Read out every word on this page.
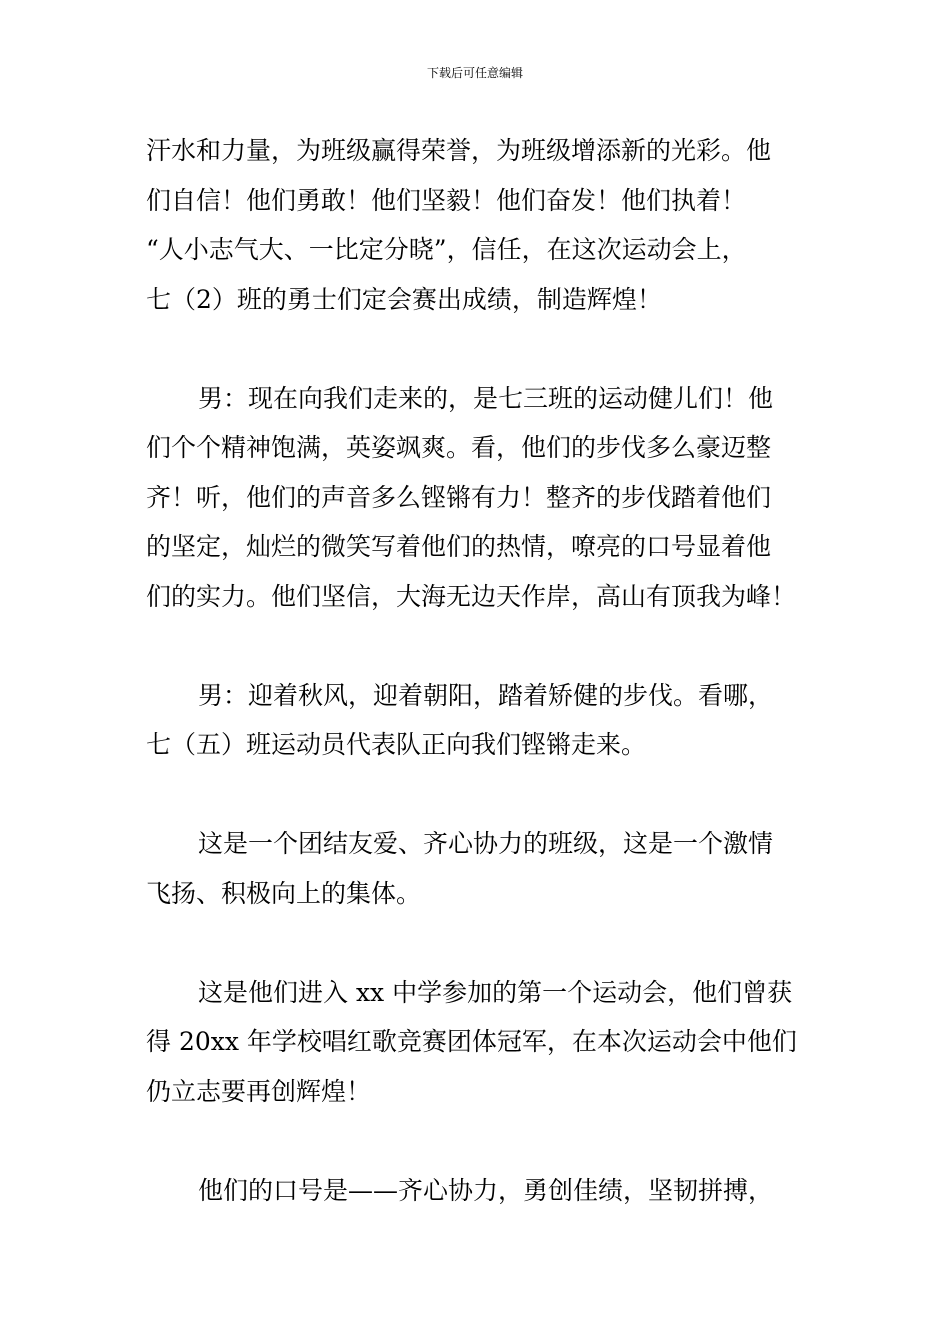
下载后可任意编辑
汗水和力量，为班级赢得荣誉，为班级增添新的光彩。他
们自信！他们勇敢！他们坚毅！他们奋发！他们执着！
“人小志气大、一比定分晓”，信任，在这次运动会上，
七（2）班的勇士们定会赛出成绩，制造辉煌！
男：现在向我们走来的，是七三班的运动健儿们！他
们个个精神饱满，英姿飒爽。看，他们的步伐多么豪迈整
齐！听，他们的声音多么铿锵有力！整齐的步伐踏着他们
的坚定，灿烂的微笑写着他们的热情，嘹亮的口号显着他
们的实力。他们坚信，大海无边天作岸，高山有顶我为峰！
男：迎着秋风，迎着朝阳，踏着矫健的步伐。看哪，
七（五）班运动员代表队正向我们铿锵走来。
这是一个团结友爱、齐心协力的班级，这是一个激情
飞扬、积极向上的集体。
这是他们进入 xx 中学参加的第一个运动会，他们曾获
得 20xx 年学校唱红歌竞赛团体冠军，在本次运动会中他们
仍立志要再创辉煌！
他们的口号是——齐心协力，勇创佳绩，坚韧拼搏，
